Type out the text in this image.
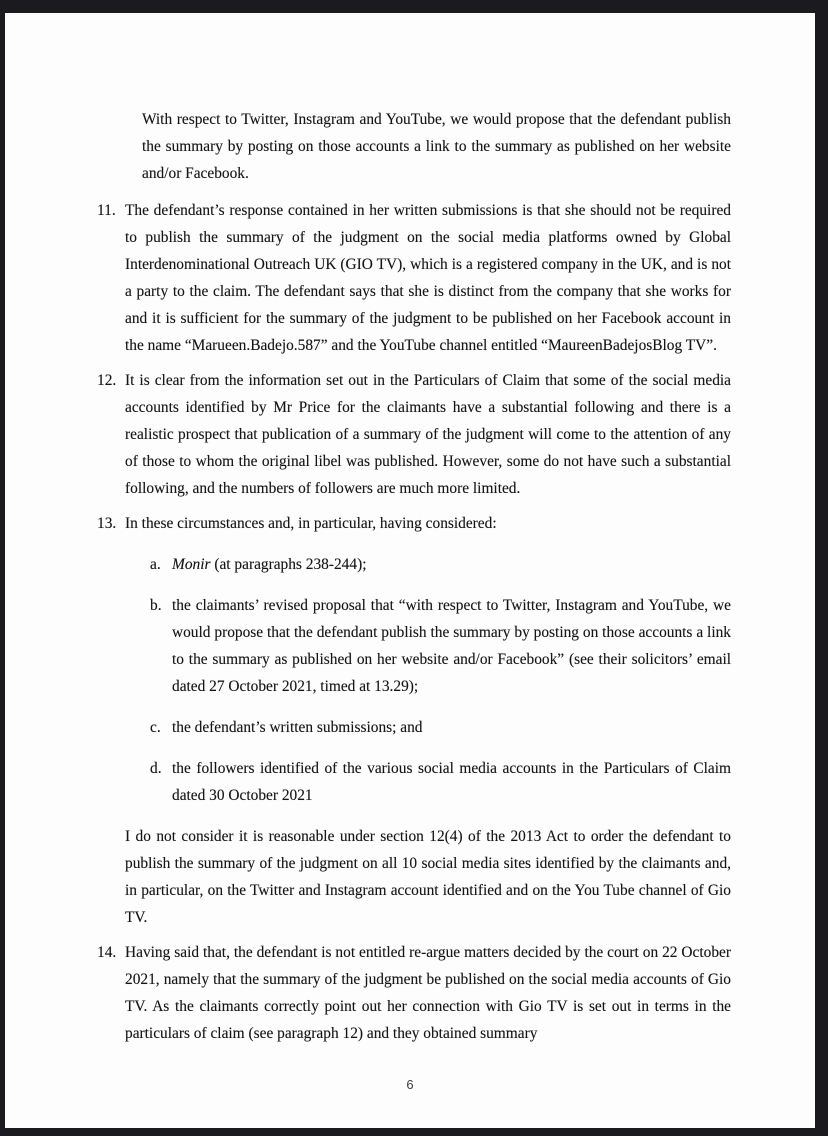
With respect to Twitter, Instagram and YouTube, we would propose that the defendant publish the summary by posting on those accounts a link to the summary as published on her website and/or Facebook.

11. The defendant’s response contained in her written submissions is that she should not be required to publish the summary of the judgment on the social media platforms owned by Global Interdenominational Outreach UK (GIO TV), which is a registered company in the UK, and is not a party to the claim. The defendant says that she is distinct from the company that she works for and it is sufficient for the summary of the judgment to be published on her Facebook account in the name “Marueen.Badejo.587” and the YouTube channel entitled “MaureenBadejosBlog TV”.
12. It is clear from the information set out in the Particulars of Claim that some of the social media accounts identified by Mr Price for the claimants have a substantial following and there is a realistic prospect that publication of a summary of the judgment will come to the attention of any of those to whom the original libel was published. However, some do not have such a substantial following, and the numbers of followers are much more limited.
13. In these circumstances and, in particular, having considered:
a. Monir (at paragraphs 238-244);
b. the claimants’ revised proposal that “with respect to Twitter, Instagram and YouTube, we would propose that the defendant publish the summary by posting on those accounts a link to the summary as published on her website and/or Facebook” (see their solicitors’ email dated 27 October 2021, timed at 13.29);
c. the defendant’s written submissions; and
d. the followers identified of the various social media accounts in the Particulars of Claim dated 30 October 2021

I do not consider it is reasonable under section 12(4) of the 2013 Act to order the defendant to publish the summary of the judgment on all 10 social media sites identified by the claimants and, in particular, on the Twitter and Instagram account identified and on the You Tube channel of Gio TV.

14. Having said that, the defendant is not entitled re-argue matters decided by the court on 22 October 2021, namely that the summary of the judgment be published on the social media accounts of Gio TV. As the claimants correctly point out her connection with Gio TV is set out in terms in the particulars of claim (see paragraph 12) and they obtained summary
6
